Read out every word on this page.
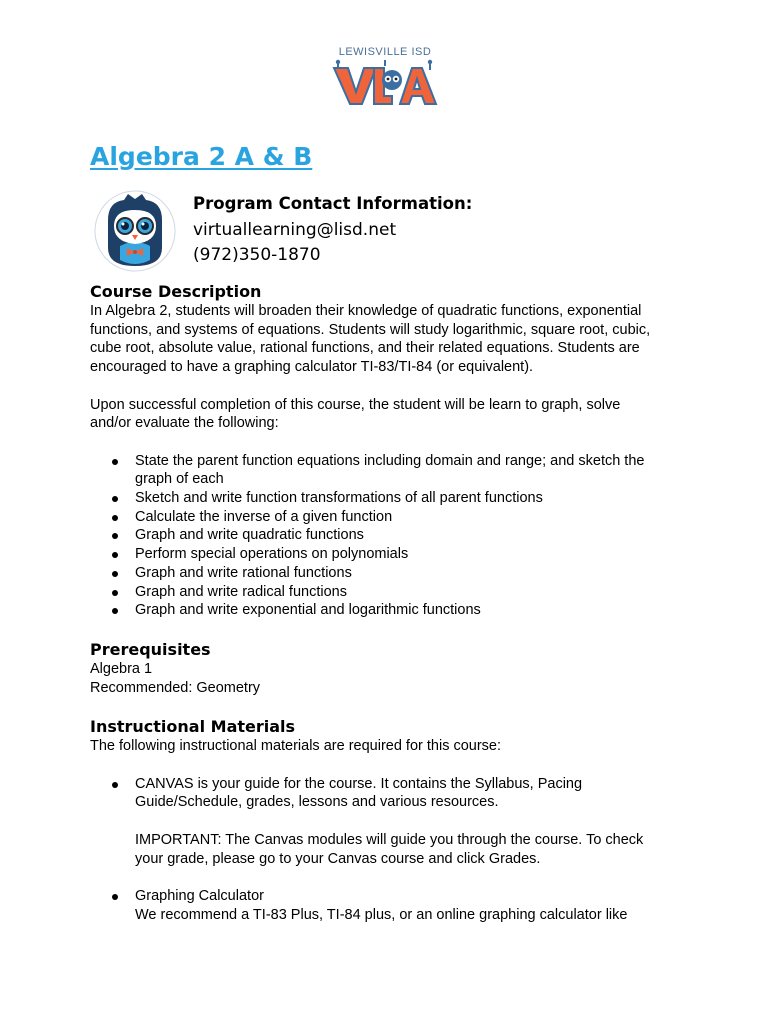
LEWISVILLE ISD
Algebra 2 A & B
Program Contact Information:
virtuallearning@lisd.net
(972)350-1870
Course Description
In Algebra 2, students will broaden their knowledge of quadratic functions, exponential
functions, and systems of equations. Students will study logarithmic, square root, cubic,
cube root, absolute value, rational functions, and their related equations. Students are
encouraged to have a graphing calculator TI-83/TI-84 (or equivalent).
Upon successful completion of this course, the student will be learn to graph, solve
and/or evaluate the following:
State the parent function equations including domain and range; and sketch the
graph of each
Sketch and write function transformations of all parent functions
Calculate the inverse of a given function
Graph and write quadratic functions
Perform special operations on polynomials
Graph and write rational functions
Graph and write radical functions
Graph and write exponential and logarithmic functions
Prerequisites
Algebra 1
Recommended: Geometry
Instructional Materials
The following instructional materials are required for this course:
CANVAS is your guide for the course. It contains the Syllabus, Pacing
Guide/Schedule, grades, lessons and various resources.
IMPORTANT: The Canvas modules will guide you through the course. To check
your grade, please go to your Canvas course and click Grades.
Graphing Calculator
We recommend a TI-83 Plus, TI-84 plus, or an online graphing calculator like
